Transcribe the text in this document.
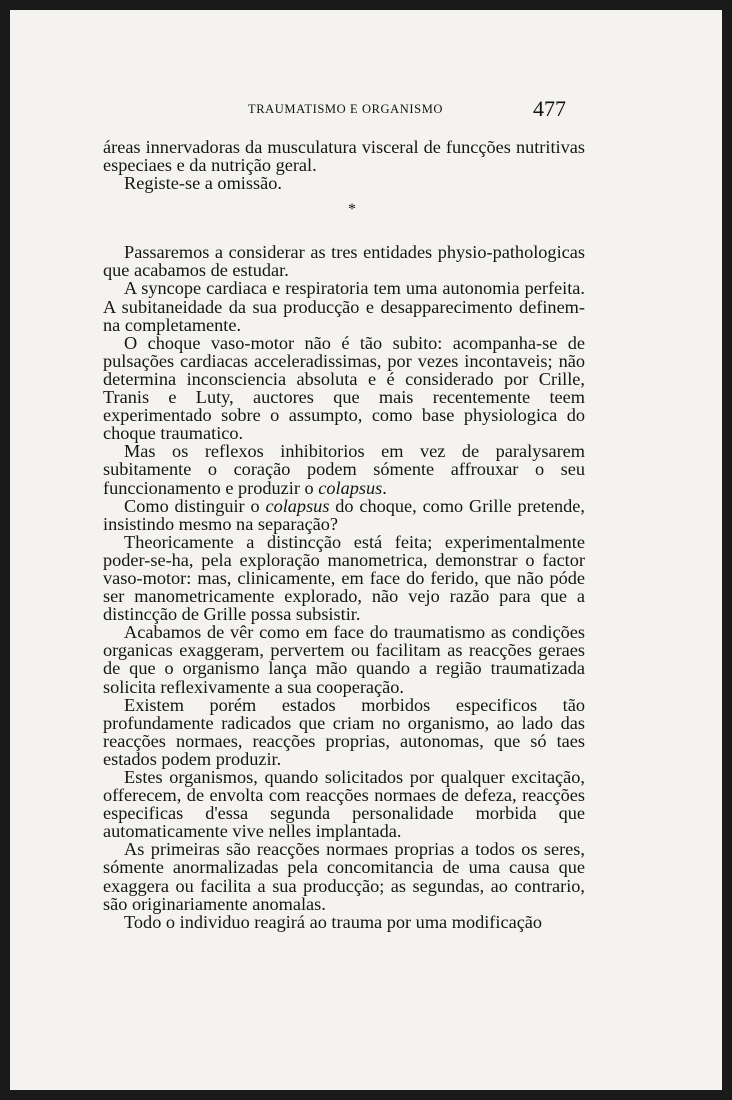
TRAUMATISMO E ORGANISMO	477

áreas innervadoras da musculatura visceral de funcções nutritivas especiaes e da nutrição geral.

Registe-se a omissão.

*

Passaremos a considerar as tres entidades physio-pathologicas que acabamos de estudar.

A syncope cardiaca e respiratoria tem uma autonomia perfeita. A subitaneidade da sua producção e desapparecimento definem-na completamente.

O choque vaso-motor não é tão subito: acompanha-se de pulsações cardiacas acceleradissimas, por vezes incontaveis; não determina inconsciencia absoluta e é considerado por Crille, Tranis e Luty, auctores que mais recentemente teem experimentado sobre o assumpto, como base physiologica do choque traumatico.

Mas os reflexos inhibitorios em vez de paralysarem subitamente o coração podem sómente affrouxar o seu funccionamento e produzir o colapsus.

Como distinguir o colapsus do choque, como Grille pretende, insistindo mesmo na separação?

Theoricamente a distincção está feita; experimentalmente poder-se-ha, pela exploração manometrica, demonstrar o factor vaso-motor: mas, clinicamente, em face do ferido, que não póde ser manometricamente explorado, não vejo razão para que a distincção de Grille possa subsistir.

Acabamos de vêr como em face do traumatismo as condições organicas exaggeram, pervertem ou facilitam as reacções geraes de que o organismo lança mão quando a região traumatizada solicita reflexivamente a sua cooperação.

Existem porém estados morbidos especificos tão profundamente radicados que criam no organismo, ao lado das reacções normaes, reacções proprias, autonomas, que só taes estados podem produzir.

Estes organismos, quando solicitados por qualquer excitação, offerecem, de envolta com reacções normaes de defeza, reacções especificas d'essa segunda personalidade morbida que automaticamente vive nelles implantada.

As primeiras são reacções normaes proprias a todos os seres, sómente anormalizadas pela concomitancia de uma causa que exaggera ou facilita a sua producção; as segundas, ao contrario, são originariamente anomalas.

Todo o individuo reagirá ao trauma por uma modificação
